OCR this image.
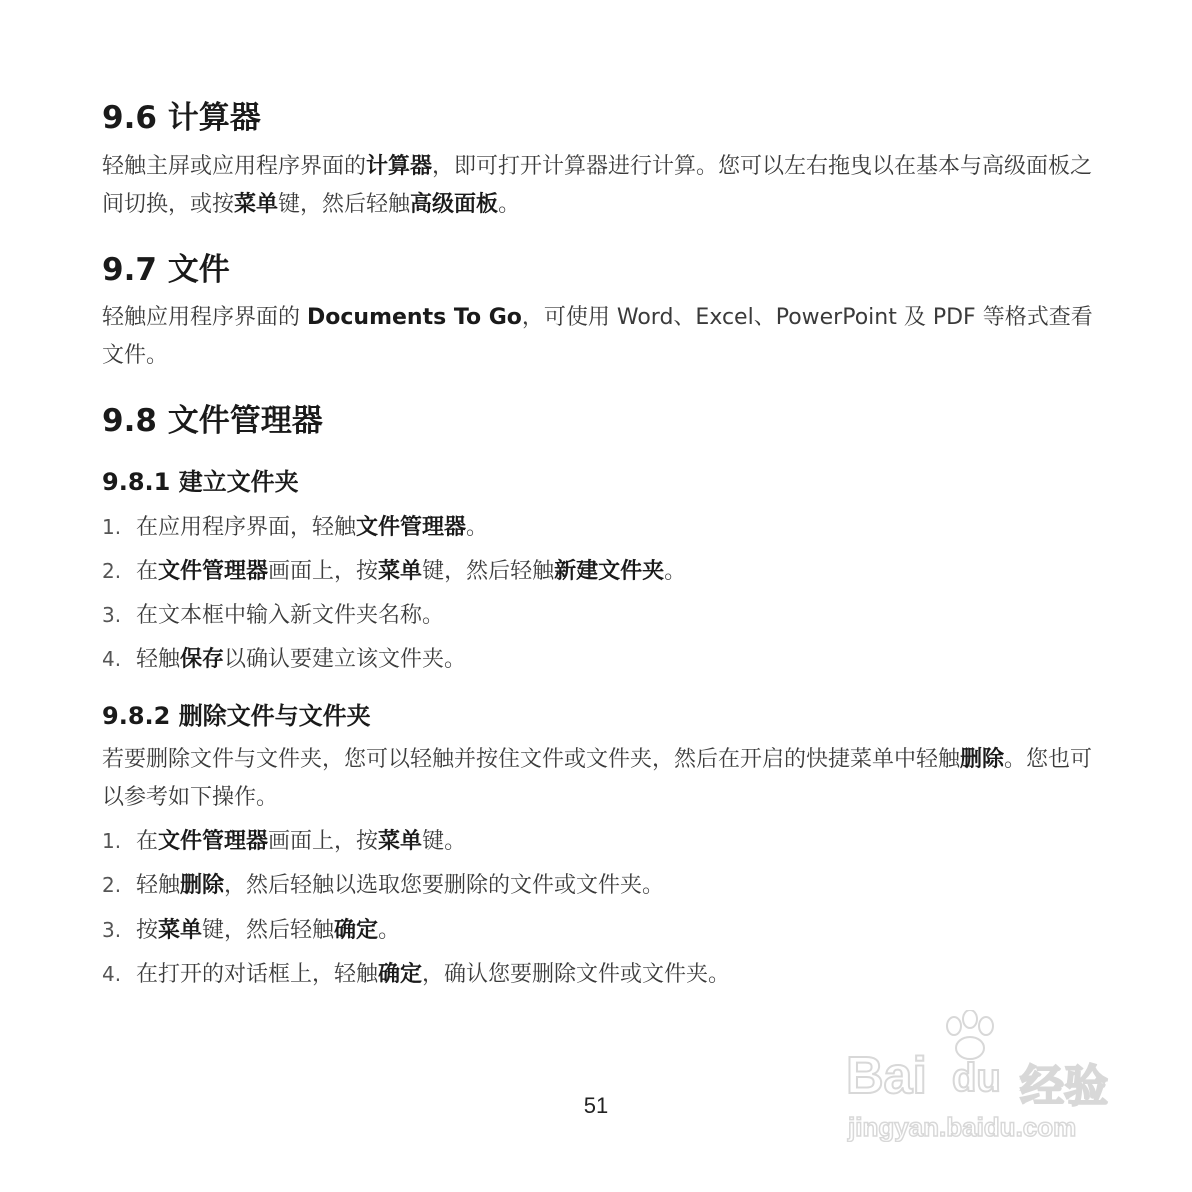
9.6 计算器

轻触主屏或应用程序界面的计算器，即可打开计算器进行计算。您可以左右拖曳以在基本与高级面板之间切换，或按菜单键，然后轻触高级面板。

9.7 文件

轻触应用程序界面的 Documents To Go，可使用 Word、Excel、PowerPoint 及 PDF 等格式查看文件。

9.8 文件管理器
9.8.1 建立文件夹
1. 在应用程序界面，轻触文件管理器。
2. 在文件管理器画面上，按菜单键，然后轻触新建文件夹。
3. 在文本框中输入新文件夹名称。
4. 轻触保存以确认要建立该文件夹。
9.8.2 删除文件与文件夹

若要删除文件与文件夹，您可以轻触并按住文件或文件夹，然后在开启的快捷菜单中轻触删除。您也可以参考如下操作。

1. 在文件管理器画面上，按菜单键。
2. 轻触删除，然后轻触以选取您要删除的文件或文件夹。
3. 按菜单键，然后轻触确定。
4. 在打开的对话框上，轻触确定，确认您要删除文件或文件夹。
51
Bai du 经验
jingyan.baidu.com
